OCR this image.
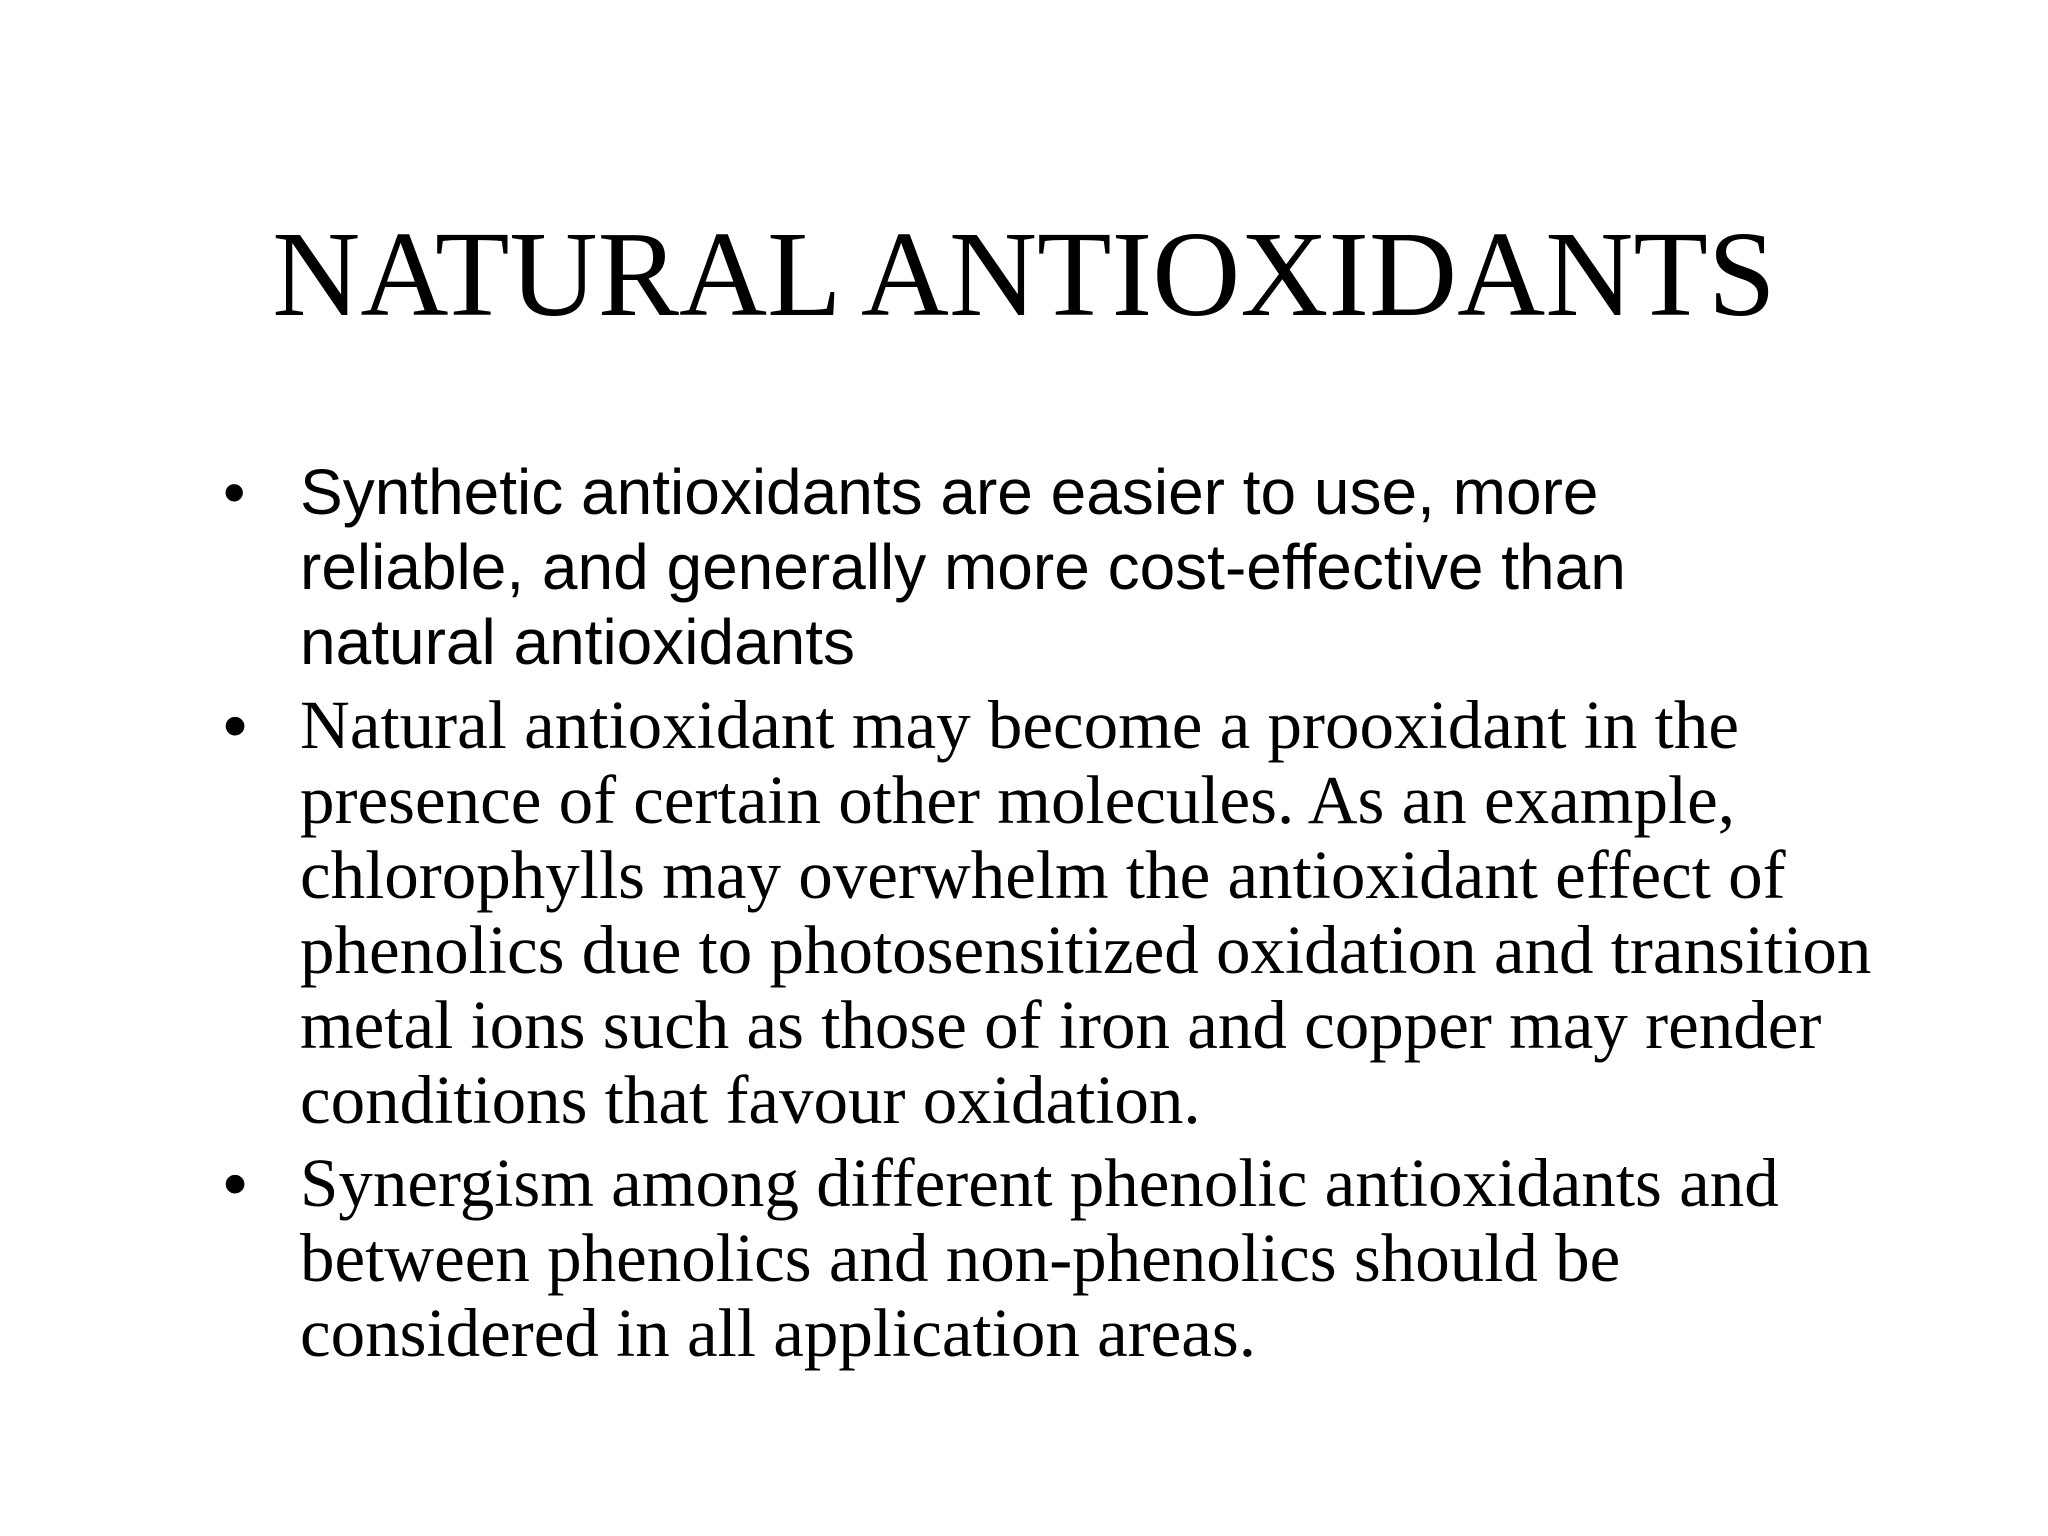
NATURAL ANTIOXIDANTS
• Synthetic antioxidants are easier to use, more
reliable, and generally more cost-effective than
natural antioxidants
• Natural antioxidant may become a prooxidant in the
presence of certain other molecules. As an example,
chlorophylls may overwhelm the antioxidant effect of
phenolics due to photosensitized oxidation and transition
metal ions such as those of iron and copper may render
conditions that favour oxidation.
• Synergism among different phenolic antioxidants and
between phenolics and non-phenolics should be
considered in all application areas.
